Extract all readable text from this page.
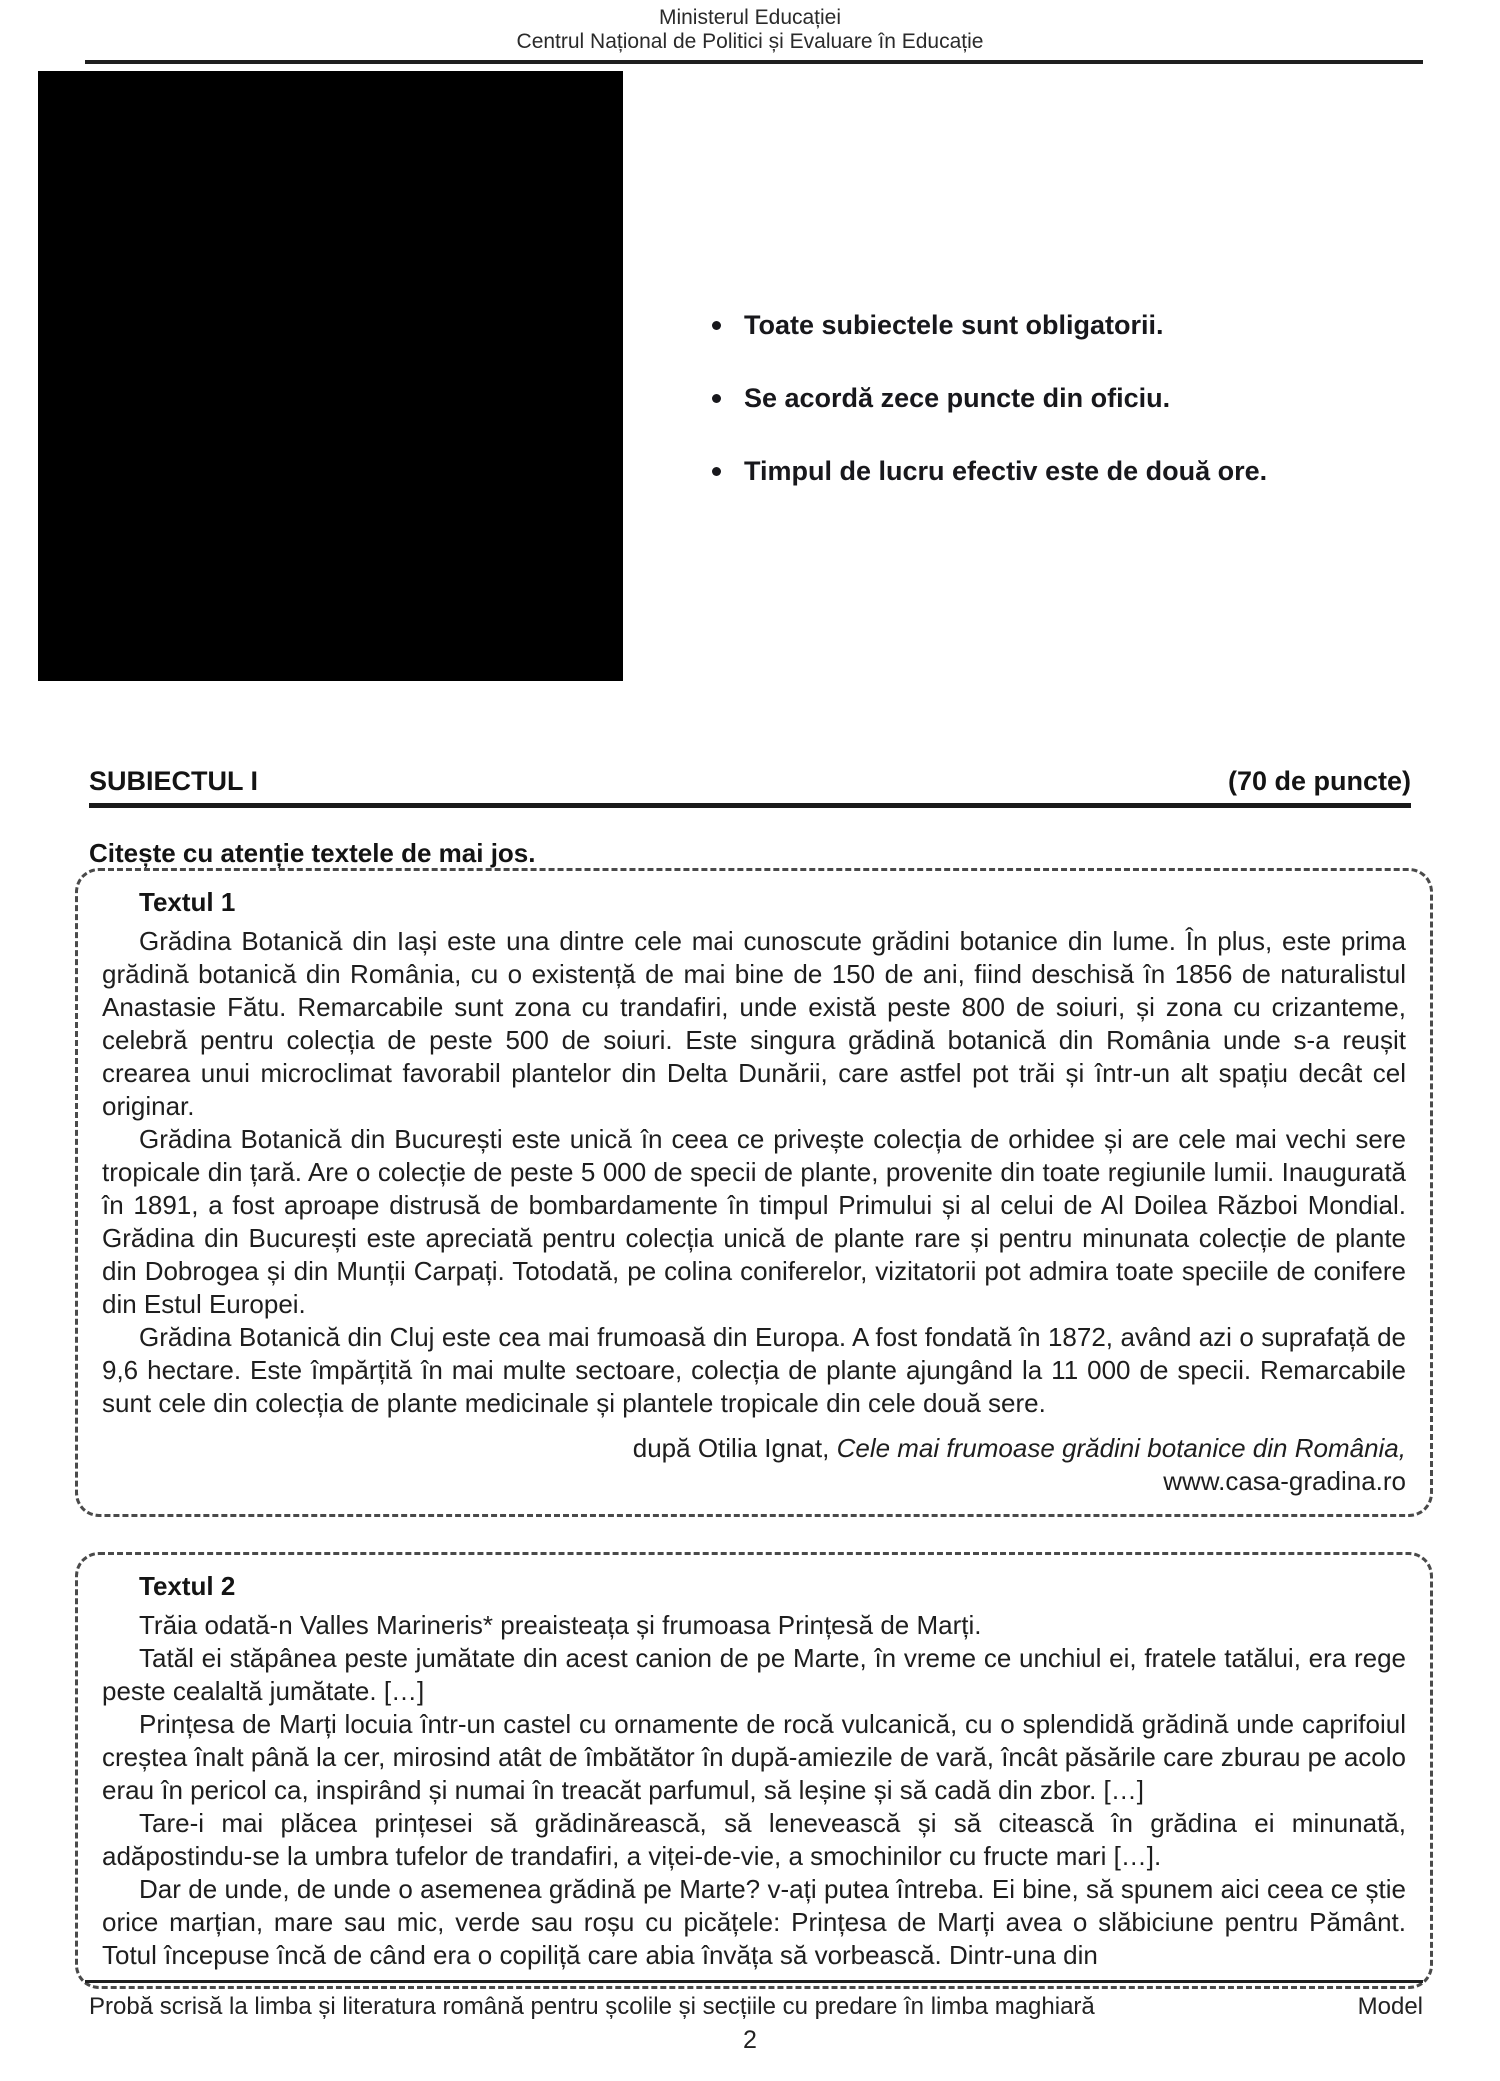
Ministerul Educației
Centrul Național de Politici și Evaluare în Educație
Toate subiectele sunt obligatorii.
Se acordă zece puncte din oficiu.
Timpul de lucru efectiv este de două ore.
SUBIECTUL I	(70 de puncte)
Citește cu atenție textele de mai jos.
Textul 1

Grădina Botanică din Iași este una dintre cele mai cunoscute grădini botanice din lume. În plus, este prima grădină botanică din România, cu o existență de mai bine de 150 de ani, fiind deschisă în 1856 de naturalistul Anastasie Fătu. Remarcabile sunt zona cu trandafiri, unde există peste 800 de soiuri, și zona cu crizanteme, celebră pentru colecția de peste 500 de soiuri. Este singura grădină botanică din România unde s-a reușit crearea unui microclimat favorabil plantelor din Delta Dunării, care astfel pot trăi și într-un alt spațiu decât cel originar.

Grădina Botanică din București este unică în ceea ce privește colecția de orhidee și are cele mai vechi sere tropicale din țară. Are o colecție de peste 5 000 de specii de plante, provenite din toate regiunile lumii. Inaugurată în 1891, a fost aproape distrusă de bombardamente în timpul Primului și al celui de Al Doilea Război Mondial. Grădina din București este apreciată pentru colecția unică de plante rare și pentru minunata colecție de plante din Dobrogea și din Munții Carpați. Totodată, pe colina coniferelor, vizitatorii pot admira toate speciile de conifere din Estul Europei.

Grădina Botanică din Cluj este cea mai frumoasă din Europa. A fost fondată în 1872, având azi o suprafață de 9,6 hectare. Este împărțită în mai multe sectoare, colecția de plante ajungând la 11 000 de specii. Remarcabile sunt cele din colecția de plante medicinale și plantele tropicale din cele două sere.

după Otilia Ignat, Cele mai frumoase grădini botanice din România,
www.casa-gradina.ro
Textul 2

Trăia odată-n Valles Marineris* preaisteața și frumoasa Prințesă de Marți.

Tatăl ei stăpânea peste jumătate din acest canion de pe Marte, în vreme ce unchiul ei, fratele tatălui, era rege peste cealaltă jumătate. […]

Prințesa de Marți locuia într-un castel cu ornamente de rocă vulcanică, cu o splendidă grădină unde caprifoiul creștea înalt până la cer, mirosind atât de îmbătător în după-amiezile de vară, încât păsările care zburau pe acolo erau în pericol ca, inspirând și numai în treacăt parfumul, să leșine și să cadă din zbor. […]

Tare-i mai plăcea prințesei să grădinărească, să lenevească și să citească în grădina ei minunată, adăpostindu-se la umbra tufelor de trandafiri, a viței-de-vie, a smochinilor cu fructe mari […].

Dar de unde, de unde o asemenea grădină pe Marte? v-ați putea întreba. Ei bine, să spunem aici ceea ce știe orice marțian, mare sau mic, verde sau roșu cu picățele: Prințesa de Marți avea o slăbiciune pentru Pământ. Totul începuse încă de când era o copiliță care abia învăța să vorbească. Dintr-una din

Probă scrisă la limba și literatura română pentru școlile și secțiile cu predare în limba maghiară	Model
2
